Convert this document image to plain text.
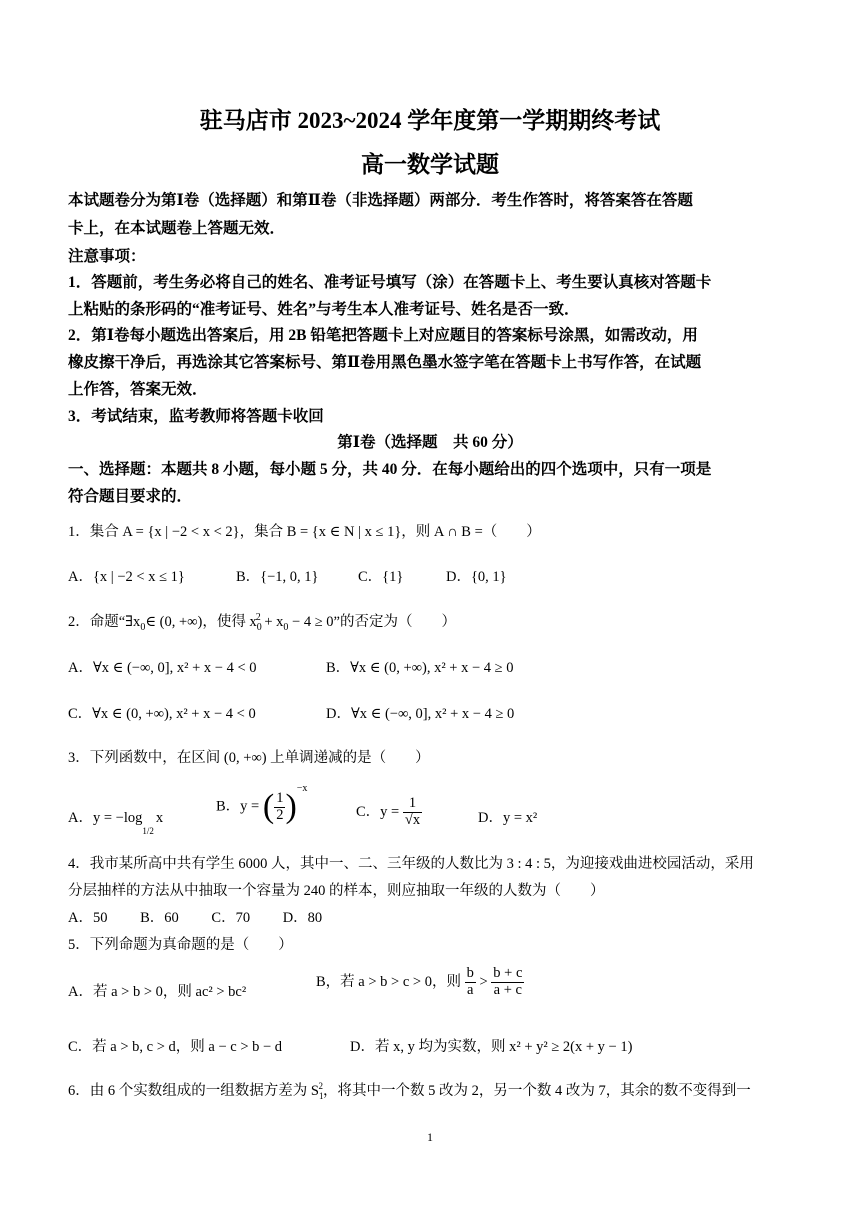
驻马店市 2023~2024 学年度第一学期期终考试
高一数学试题
本试题卷分为第Ⅰ卷（选择题）和第Ⅱ卷（非选择题）两部分．考生作答时，将答案答在答题
卡上，在本试题卷上答题无效．
注意事项：
1．答题前，考生务必将自己的姓名、准考证号填写（涂）在答题卡上、考生要认真核对答题卡
上粘贴的条形码的“准考证号、姓名”与考生本人准考证号、姓名是否一致．
2．第Ⅰ卷每小题选出答案后，用 2B 铅笔把答题卡上对应题目的答案标号涂黑，如需改动，用
橡皮擦干净后，再选涂其它答案标号、第Ⅱ卷用黑色墨水签字笔在答题卡上书写作答，在试题
上作答，答案无效．
3．考试结束，监考教师将答题卡收回
第Ⅰ卷（选择题　共 60 分）
一、选择题：本题共 8 小题，每小题 5 分，共 40 分．在每小题给出的四个选项中，只有一项是
符合题目要求的．
1．集合 A = {x | −2 < x < 2}，集合 B = {x ∈ N | x ≤ 1}，则 A ∩ B =（　　）
A．{x | −2 < x ≤ 1}	B．{−1, 0, 1}	C．{1}	D．{0, 1}
2．命题“$\exists x_0\in$ (0, +∞)，使得 $x_0^2 + x_0 - 4 \ge 0$”的否定为（　　）
A．∀x ∈ (−∞, 0], x² + x − 4 < 0	B．∀x ∈ (0, +∞), x² + x − 4 ≥ 0
C．∀x ∈ (0, +∞), x² + x − 4 < 0	D．∀x ∈ (−∞, 0], x² + x − 4 ≥ 0
3．下列函数中，在区间 (0, +∞) 上单调递减的是（　　）
A．$y = -\log_{1/2}x$
B．y = ( $\frac{1}{2} )^{-x}$
C．$y = \frac{1}{√x}$	D．y = x²
4．我市某所高中共有学生 6000 人，其中一、二、三年级的人数比为 3 : 4 : 5，为迎接戏曲进校园活动，采用
分层抽样的方法从中抽取一个容量为 240 的样本，则应抽取一年级的人数为（　　）
A．50　　 B．60　　 C．70　　 D．80
5．下列命题为真命题的是（　　）
A．若 a > b > 0，则 ac² > bc²
B，若 a > b > c > 0，则 $\frac{b}{a} > \frac{b + c}{a + c}$
C．若 a > b, c > d，则 a − c > b − d	D．若 x, y 均为实数，则 x² + y² ≥ 2(x + y − 1)
6．由 6 个实数组成的一组数据方差为 $S_1^2$，将其中一个数 5 改为 2，另一个数 4 改为 7，其余的数不变得到一
1
